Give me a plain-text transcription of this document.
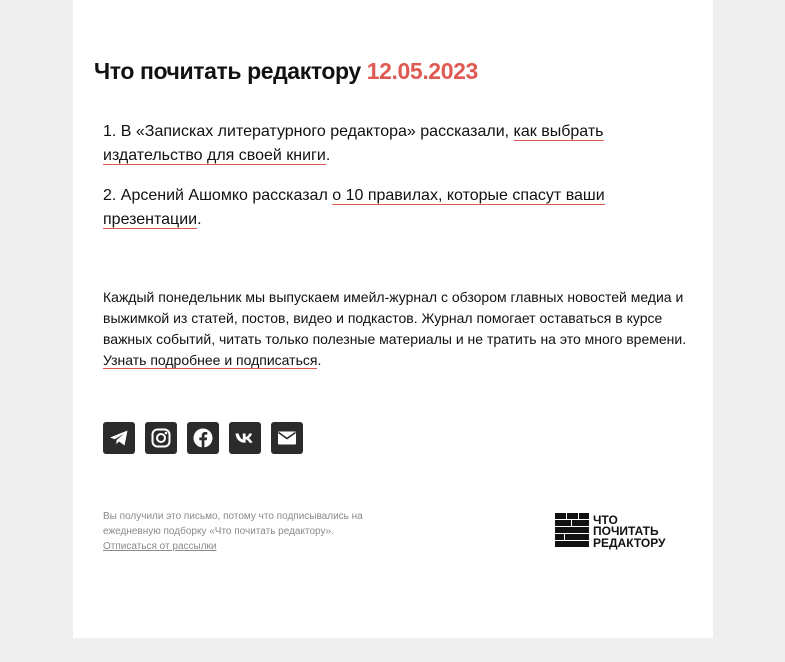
Что почитать редактору 12.05.2023

1. В «Записках литературного редактора» рассказали, как выбрать издательство для своей книги.

2. Арсений Ашомко рассказал о 10 правилах, которые спасут ваши презентации.

Каждый понедельник мы выпускаем имейл-журнал с обзором главных новостей медиа и выжимкой из статей, постов, видео и подкастов. Журнал помогает оставаться в курсе важных событий, читать только полезные материалы и не тратить на это много времени. Узнать подробнее и подписаться.
Вы получили это письмо, потому что подписывались на ежедневную подборку «Что почитать редактору».
Отписаться от рассылки
ЧТО
ПОЧИТАТЬ
РЕДАКТОРУ
